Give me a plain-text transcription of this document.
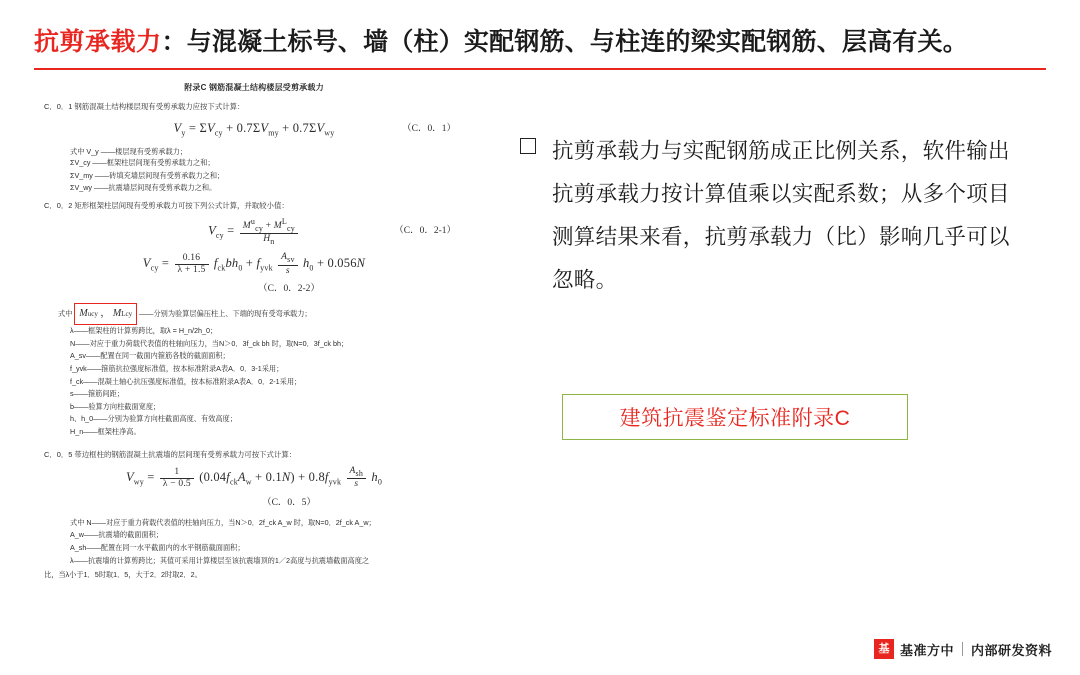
抗剪承载力 ：与混凝土标号、墙（柱）实配钢筋、与柱连的梁实配钢筋、层高有关。
附录C 钢筋混凝土结构楼层受剪承载力
C．0．1 钢筋混凝土结构楼层现有受剪承载力应按下式计算：
$V_y = \Sigma V_{cy} + 0.7\Sigma V_{my} + 0.7\Sigma V_{wy}$	（C．0．1）
式中 V_y ——楼层现有受剪承载力；
ΣV_cy ——框架柱层间现有受剪承载力之和；
ΣV_my ——砖填充墙层间现有受剪承载力之和；
ΣV_wy ——抗震墙层间现有受剪承载力之和。
C．0．2 矩形框架柱层间现有受剪承载力可按下列公式计算，并取较小值：
$V_{cy} = \frac{M^u_{cy} + M^L_{cy}}{H_n}$	（C．0．2-1）
$V_{cy} = \frac{0.16}{\lambda + 1.5} f_{ck}bh_0 + f_{yvk} \frac{A_{sv}}{s} h_0 + 0.056N$
（C．0．2-2）
式中 Mucy ， MLcy ——分别为验算层偏压柱上、下端的现有受弯承载力；
λ——框架柱的计算剪跨比，取λ = H_n/2h_0；
N——对应于重力荷载代表值的柱轴向压力，当N＞0．3f_ck bh 时，取N=0．3f_ck bh；
A_sv——配置在同一截面内箍筋各肢的截面面积；
f_yvk——箍筋抗拉强度标准值，按本标准附录A表A．0．3-1采用；
f_ck——混凝土轴心抗压强度标准值，按本标准附录A表A．0．2-1采用；
s——箍筋间距；
b——验算方向柱截面宽度；
h、h_0——分别为验算方向柱截面高度、有效高度；
H_n——框架柱净高。
C．0．5 带边框柱的钢筋混凝土抗震墙的层间现有受剪承载力可按下式计算：
$V_{wy} = \frac{1}{\lambda - 0.5} (0.04f_{ck}A_w + 0.1N) + 0.8f_{yvk} \frac{A_{sh}}{s} h_0$
（C．0．5）
式中 N——对应于重力荷载代表值的柱轴向压力，当N＞0．2f_ck A_w 时，取N=0．2f_ck A_w；
A_w——抗震墙的截面面积；
A_sh——配置在同一水平截面内的水平钢筋截面面积；
λ——抗震墙的计算剪跨比；其值可采用计算楼层至该抗震墙顶的1／2高度与抗震墙截面高度之
比，当λ小于1．5时取1．5，大于2．2时取2．2。
抗剪承载力与实配钢筋成正比例关系，软件输出抗剪承载力按计算值乘以实配系数；从多个项目测算结果来看，抗剪承载力（比）影响几乎可以忽略。
建筑抗震鉴定标准附录C
基 基准方中 内部研发资料
